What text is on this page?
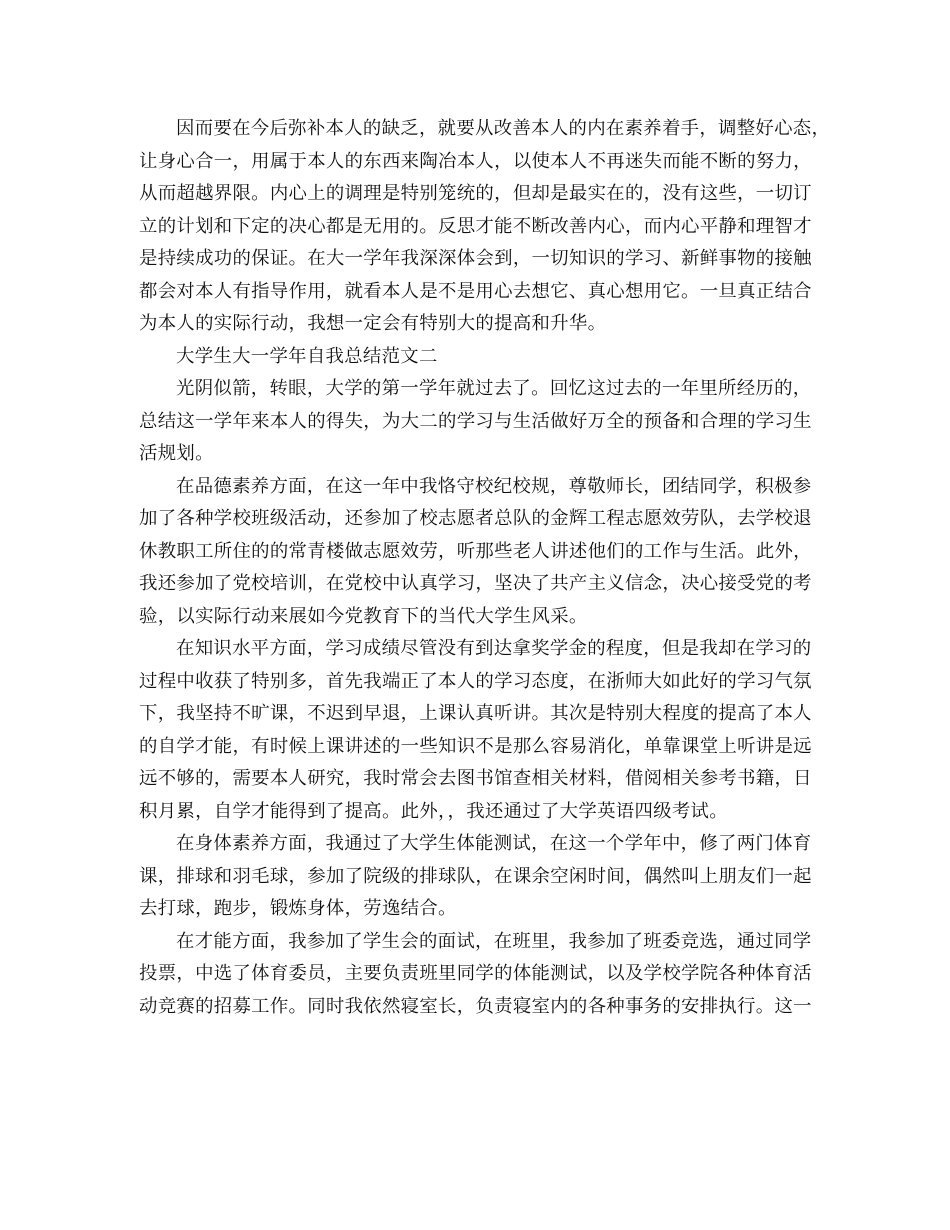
因而要在今后弥补本人的缺乏，就要从改善本人的内在素养着手，调整好心态，
让身心合一，用属于本人的东西来陶冶本人，以使本人不再迷失而能不断的努力，
从而超越界限。内心上的调理是特别笼统的，但却是最实在的，没有这些，一切订
立的计划和下定的决心都是无用的。反思才能不断改善内心，而内心平静和理智才
是持续成功的保证。在大一学年我深深体会到，一切知识的学习、新鲜事物的接触
都会对本人有指导作用，就看本人是不是用心去想它、真心想用它。一旦真正结合
为本人的实际行动，我想一定会有特别大的提高和升华。
大学生大一学年自我总结范文二
光阴似箭，转眼，大学的第一学年就过去了。回忆这过去的一年里所经历的，
总结这一学年来本人的得失，为大二的学习与生活做好万全的预备和合理的学习生
活规划。
在品德素养方面，在这一年中我恪守校纪校规，尊敬师长，团结同学，积极参
加了各种学校班级活动，还参加了校志愿者总队的金辉工程志愿效劳队，去学校退
休教职工所住的的常青楼做志愿效劳，听那些老人讲述他们的工作与生活。此外，
我还参加了党校培训，在党校中认真学习，坚决了共产主义信念，决心接受党的考
验，以实际行动来展如今党教育下的当代大学生风采。
在知识水平方面，学习成绩尽管没有到达拿奖学金的程度，但是我却在学习的
过程中收获了特别多，首先我端正了本人的学习态度，在浙师大如此好的学习气氛
下，我坚持不旷课，不迟到早退，上课认真听讲。其次是特别大程度的提高了本人
的自学才能，有时候上课讲述的一些知识不是那么容易消化，单靠课堂上听讲是远
远不够的，需要本人研究，我时常会去图书馆查相关材料，借阅相关参考书籍，日
积月累，自学才能得到了提高。此外，，我还通过了大学英语四级考试。
在身体素养方面，我通过了大学生体能测试，在这一个学年中，修了两门体育
课，排球和羽毛球，参加了院级的排球队，在课余空闲时间，偶然叫上朋友们一起
去打球，跑步，锻炼身体，劳逸结合。
在才能方面，我参加了学生会的面试，在班里，我参加了班委竞选，通过同学
投票，中选了体育委员，主要负责班里同学的体能测试，以及学校学院各种体育活
动竞赛的招募工作。同时我依然寝室长，负责寝室内的各种事务的安排执行。这一
